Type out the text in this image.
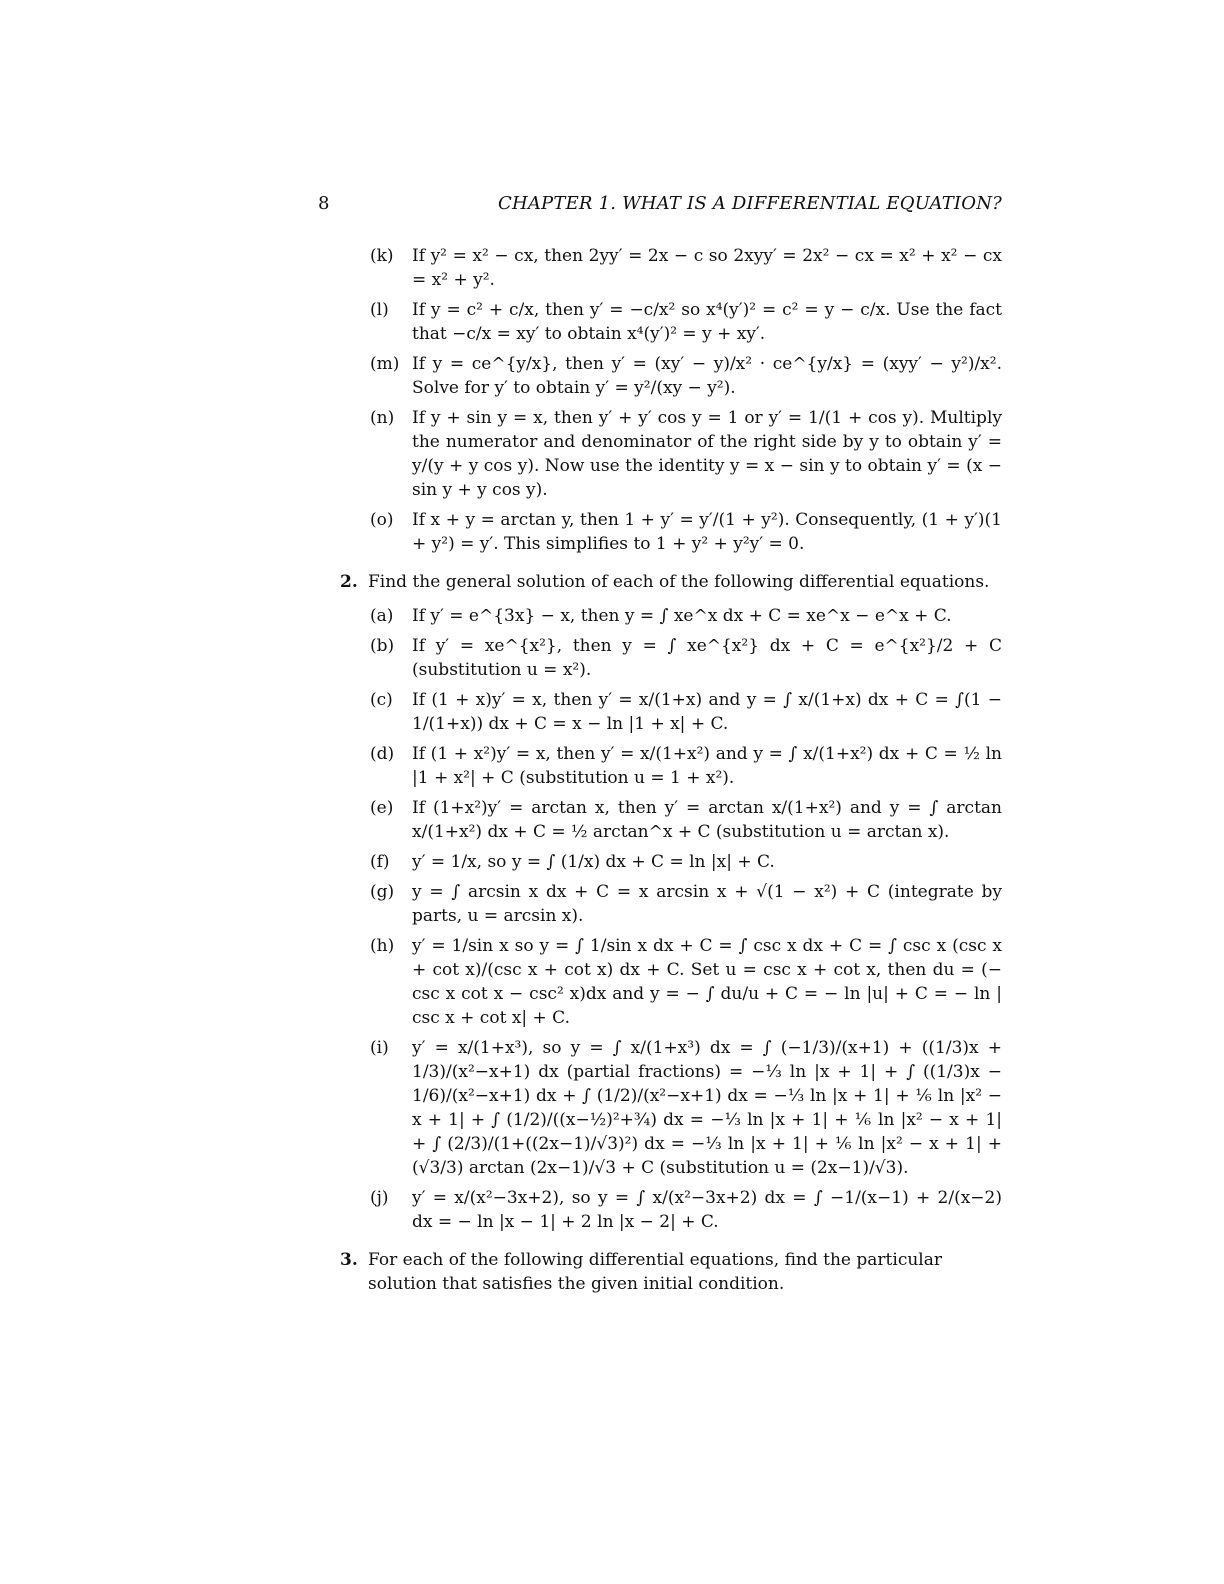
8	CHAPTER 1. WHAT IS A DIFFERENTIAL EQUATION?
(k)	If y² = x² − cx, then 2yy′ = 2x − c so 2xyy′ = 2x² − cx = x² + x² − cx = x² + y².
(l)	If y = c² + c/x, then y′ = −c/x² so x⁴(y′)² = c² = y − c/x. Use the fact that −c/x = xy′ to obtain x⁴(y′)² = y + xy′.
(m) If y = ce^{y/x}, then y′ = (xy′ − y)/x² · ce^{y/x} = (xyy′ − y²)/x². Solve for y′ to obtain y′ = y²/(xy − y²).
(n)	If y + sin y = x, then y′ + y′ cos y = 1 or y′ = 1/(1 + cos y). Multiply the numerator and denominator of the right side by y to obtain y′ = y/(y + y cos y). Now use the identity y = x − sin y to obtain y′ = (x − sin y + y cos y).
(o)	If x + y = arctan y, then 1 + y′ = y′/(1 + y²). Consequently, (1 + y′)(1 + y²) = y′. This simplifies to 1 + y² + y²y′ = 0.
2. Find the general solution of each of the following differential equations.
(a)	If y′ = e^{3x} − x, then y = ∫ xe^x dx + C = xe^x − e^x + C.
(b)	If y′ = xe^{x²}, then y = ∫ xe^{x²} dx + C = e^{x²}/2 + C (substitution u = x²).
(c)	If (1 + x)y′ = x, then y′ = x/(1+x) and y = ∫ x/(1+x) dx + C = ∫(1 − 1/(1+x)) dx + C = x − ln |1 + x| + C.
(d)	If (1 + x²)y′ = x, then y′ = x/(1+x²) and y = ∫ x/(1+x²) dx + C = ½ ln |1 + x²| + C (substitution u = 1 + x²).
(e)	If (1+x²)y′ = arctan x, then y′ = arctan x/(1+x²) and y = ∫ arctan x/(1+x²) dx + C = ½ arctan^x + C (substitution u = arctan x).
(f)	y′ = 1/x, so y = ∫ (1/x) dx + C = ln |x| + C.
(g)	y = ∫ arcsin x dx + C = x arcsin x + √(1 − x²) + C (integrate by parts, u = arcsin x).
(h)	y′ = 1/sin x so y = ∫ 1/sin x dx + C = ∫ csc x dx + C = ∫ csc x (csc x + cot x)/(csc x + cot x) dx + C. Set u = csc x + cot x, then du = (− csc x cot x − csc² x)dx and y = − ∫ du/u + C = − ln |u| + C = − ln | csc x + cot x| + C.
(i)	y′ = x/(1+x³), so y = ∫ x/(1+x³) dx = ∫ (−1/3)/(x+1) + ((1/3)x + 1/3)/(x²−x+1) dx (partial fractions) = −⅓ ln |x + 1| + ∫ ((1/3)x − 1/6)/(x²−x+1) dx + ∫ (1/2)/(x²−x+1) dx = −⅓ ln |x + 1| + ⅙ ln |x² − x + 1| + ∫ (1/2)/((x−½)²+¾) dx = −⅓ ln |x + 1| + ⅙ ln |x² − x + 1| + ∫ (2/3)/(1+((2x−1)/√3)²) dx = −⅓ ln |x + 1| + ⅙ ln |x² − x + 1| + (√3/3) arctan (2x−1)/√3 + C (substitution u = (2x−1)/√3).
(j)	y′ = x/(x²−3x+2), so y = ∫ x/(x²−3x+2) dx = ∫ −1/(x−1) + 2/(x−2) dx = − ln |x − 1| + 2 ln |x − 2| + C.
3. For each of the following differential equations, find the particular solution that satisfies the given initial condition.
